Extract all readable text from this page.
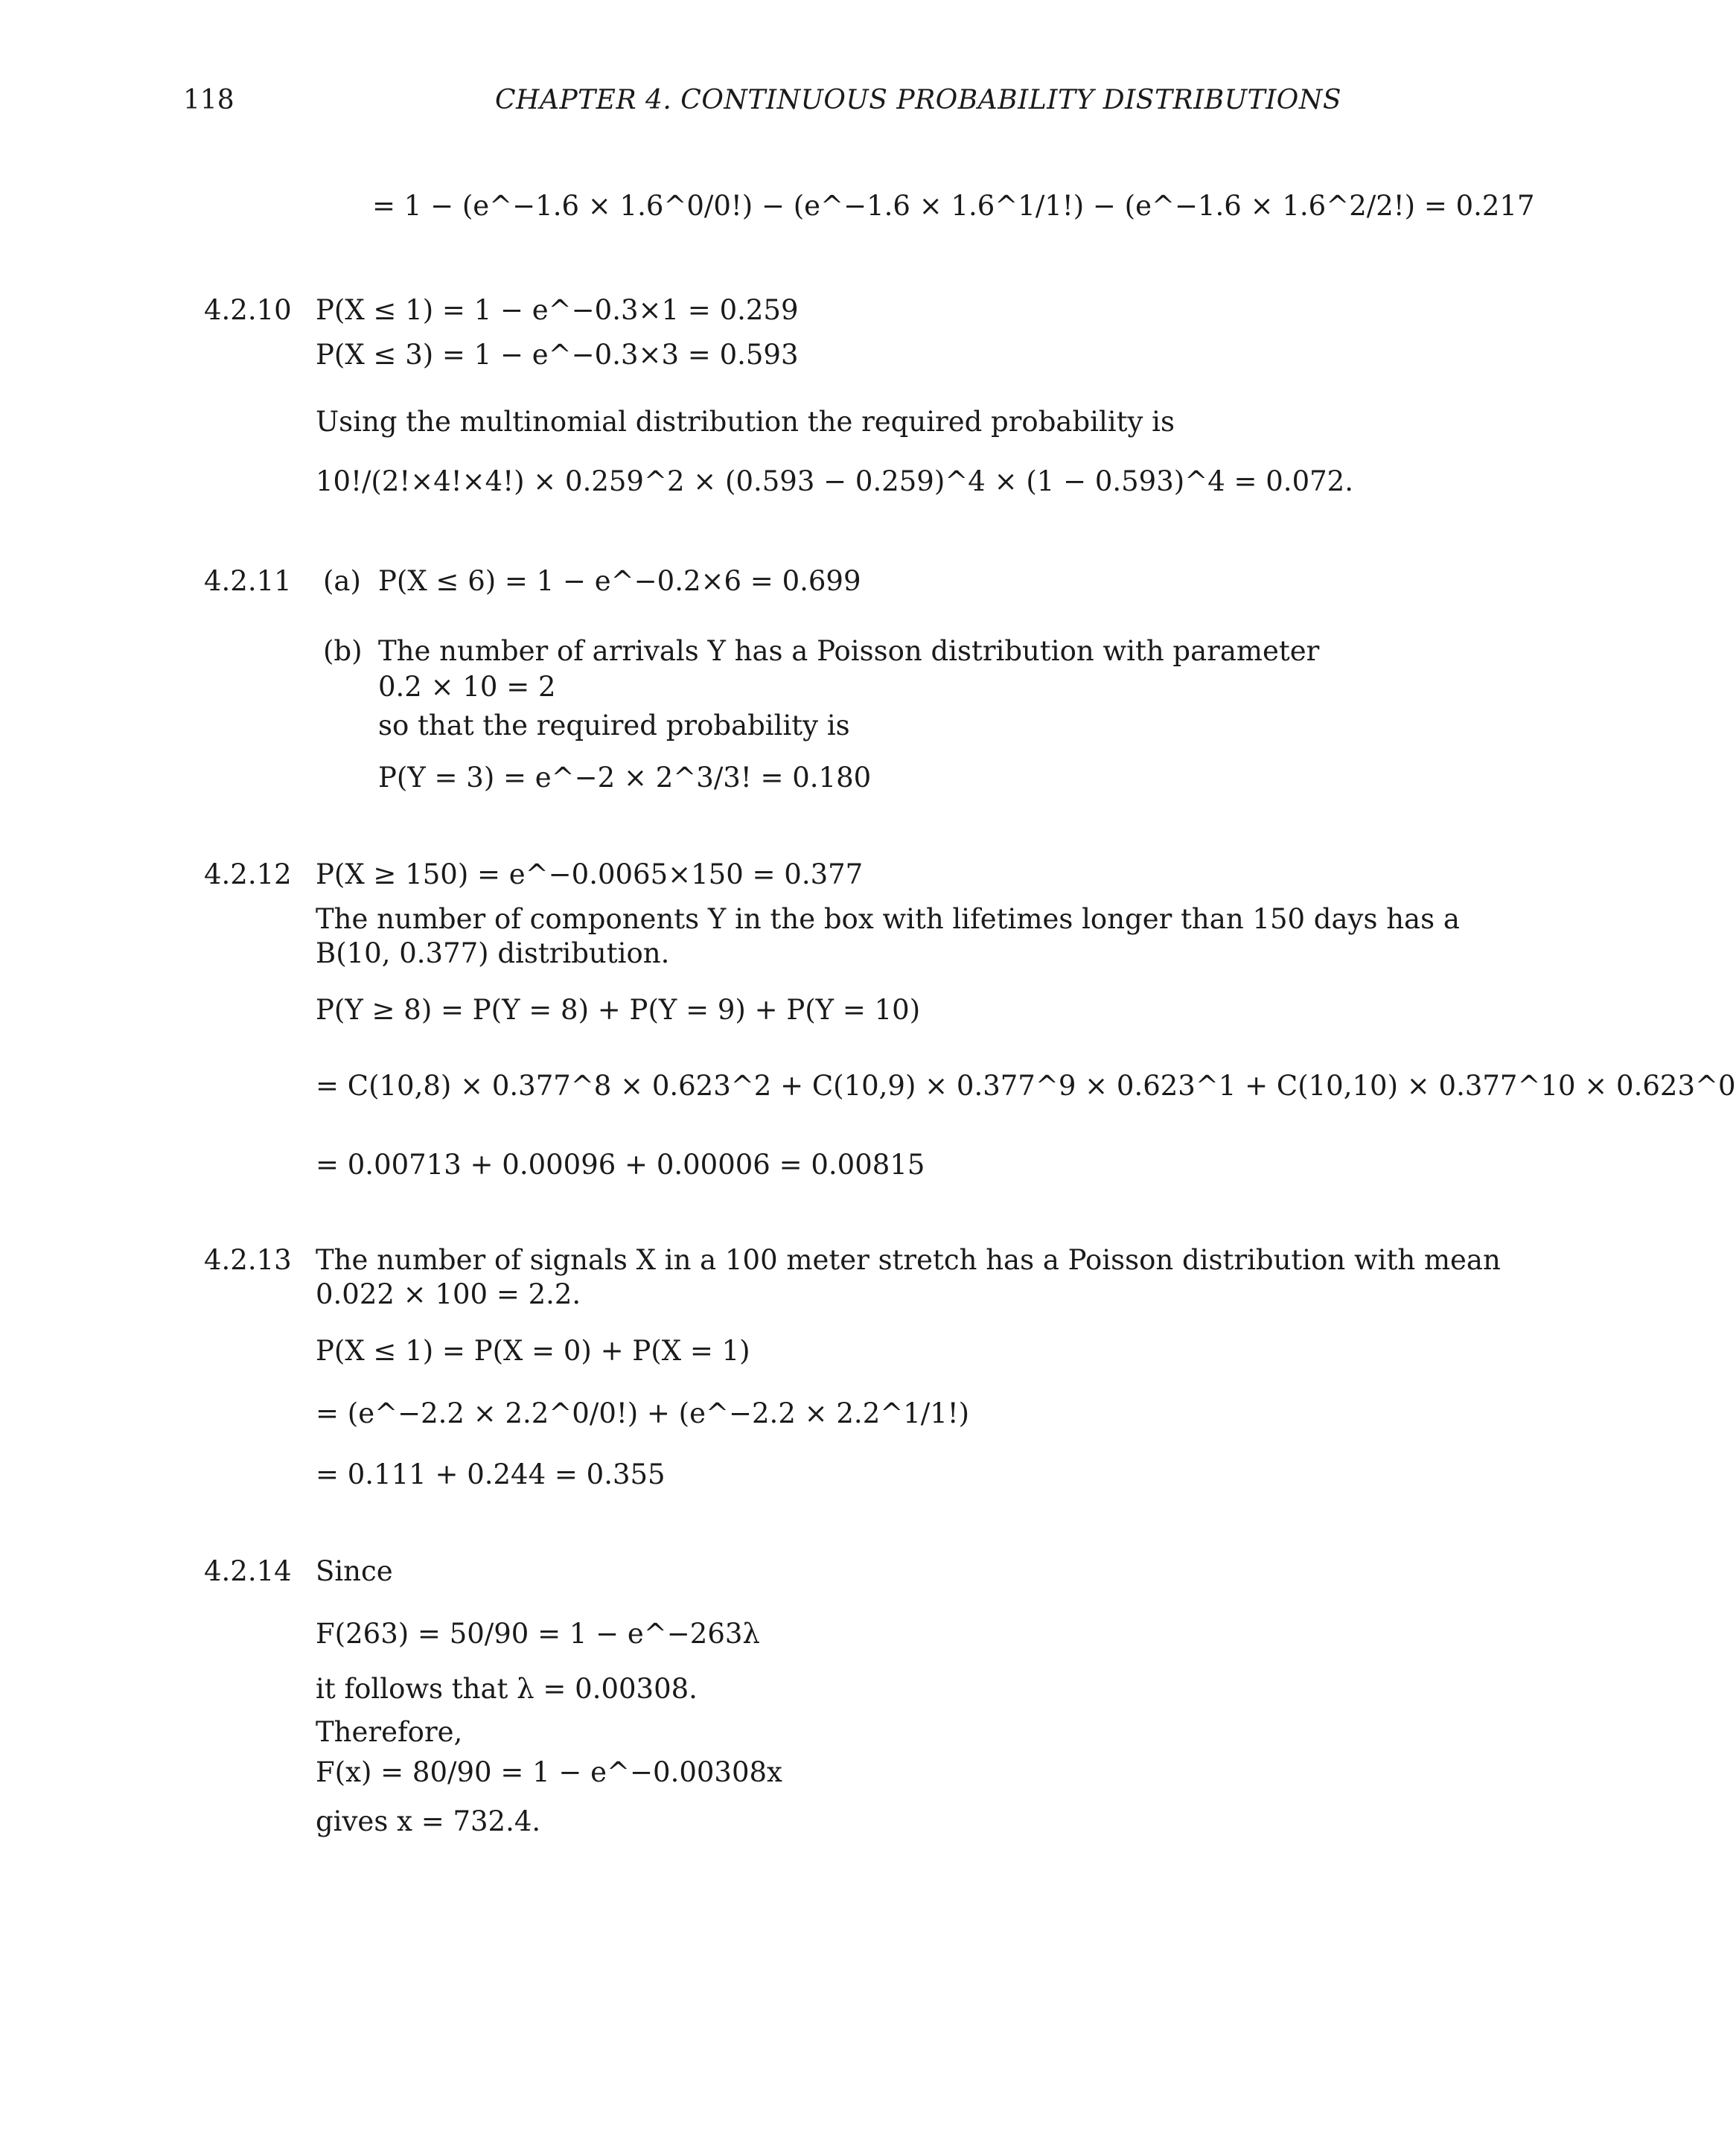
118	CHAPTER 4. CONTINUOUS PROBABILITY DISTRIBUTIONS
= 1 − (e^−1.6 × 1.6^0/0!) − (e^−1.6 × 1.6^1/1!) − (e^−1.6 × 1.6^2/2!) = 0.217
4.2.10 P(X ≤ 1) = 1 − e^−0.3×1 = 0.259
P(X ≤ 3) = 1 − e^−0.3×3 = 0.593
Using the multinomial distribution the required probability is
10!/(2!×4!×4!) × 0.259^2 × (0.593 − 0.259)^4 × (1 − 0.593)^4 = 0.072.
4.2.11 (a) P(X ≤ 6) = 1 − e^−0.2×6 = 0.699
(b) The number of arrivals Y has a Poisson distribution with parameter
0.2 × 10 = 2
so that the required probability is
P(Y = 3) = e^−2 × 2^3/3! = 0.180
4.2.12 P(X ≥ 150) = e^−0.0065×150 = 0.377
The number of components Y in the box with lifetimes longer than 150 days has a
B(10, 0.377) distribution.
P(Y ≥ 8) = P(Y = 8) + P(Y = 9) + P(Y = 10)
= C(10,8) × 0.377^8 × 0.623^2 + C(10,9) × 0.377^9 × 0.623^1 + C(10,10) × 0.377^10 × 0.623^0
= 0.00713 + 0.00096 + 0.00006 = 0.00815
4.2.13 The number of signals X in a 100 meter stretch has a Poisson distribution with mean
0.022 × 100 = 2.2.
P(X ≤ 1) = P(X = 0) + P(X = 1)
= (e^−2.2 × 2.2^0/0!) + (e^−2.2 × 2.2^1/1!)
= 0.111 + 0.244 = 0.355
4.2.14 Since
F(263) = 50/90 = 1 − e^−263λ
it follows that λ = 0.00308.
Therefore,
F(x) = 80/90 = 1 − e^−0.00308x
gives x = 732.4.
